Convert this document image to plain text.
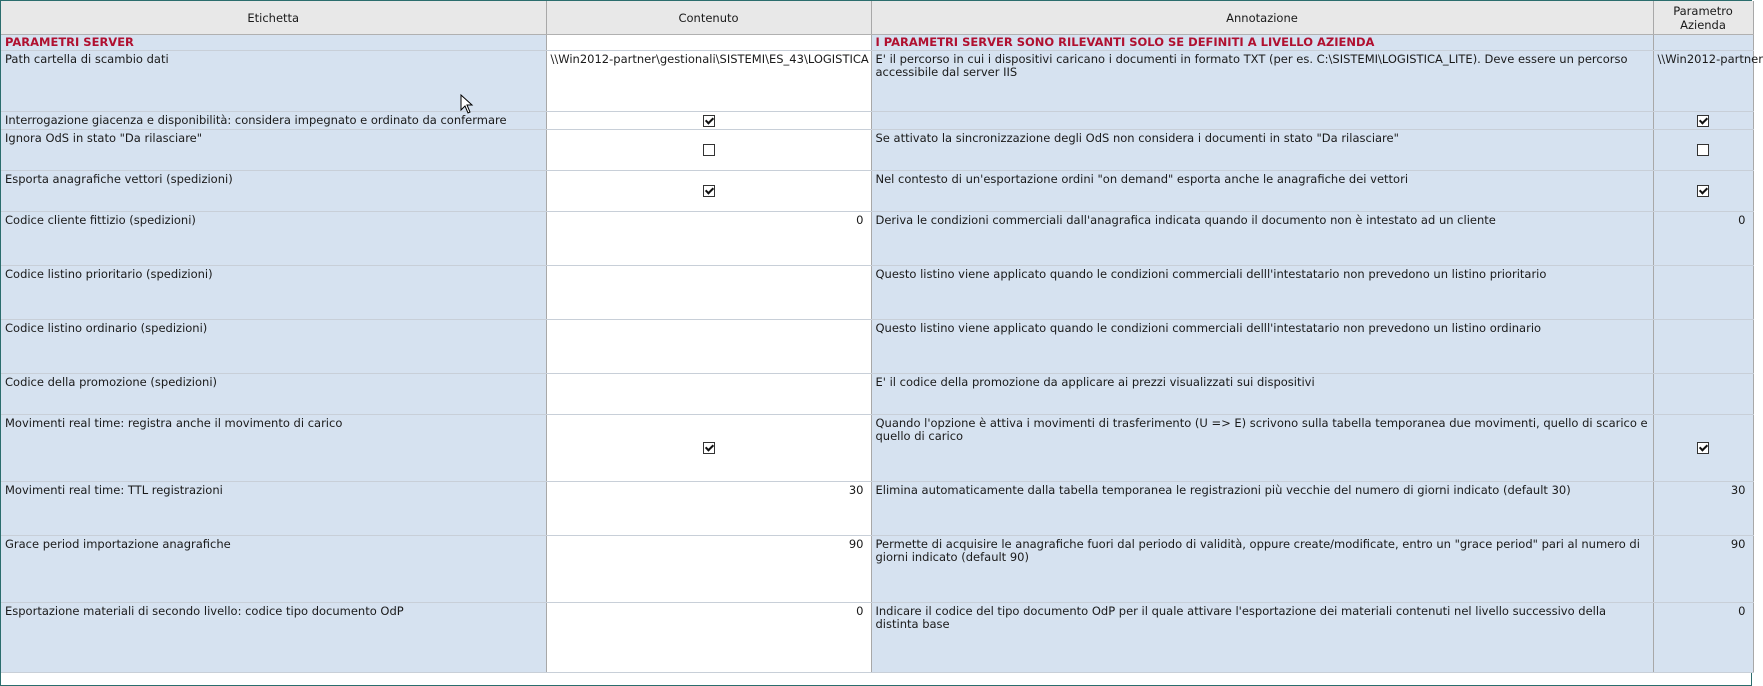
Etichetta	Contenuto	Annotazione	Parametro
Azienda
PARAMETRI SERVER		I PARAMETRI SERVER SONO RILEVANTI SOLO SE DEFINITI A LIVELLO AZIENDA	
Path cartella di scambio dati	\\Win2012-partner\gestionali\SISTEMI\ES_43\LOGISTICA	E' il percorso in cui i dispositivi caricano i documenti in formato TXT (per es. C:\SISTEMI\LOGISTICA_LITE). Deve essere un percorso accessibile dal server IIS	\\Win2012-partner
Interrogazione giacenza e disponibilità: considera impegnato e ordinato da confermare			
Ignora OdS in stato "Da rilasciare"		Se attivato la sincronizzazione degli OdS non considera i documenti in stato "Da rilasciare"	
Esporta anagrafiche vettori (spedizioni)		Nel contesto di un'esportazione ordini "on demand" esporta anche le anagrafiche dei vettori	
Codice cliente fittizio (spedizioni)	0	Deriva le condizioni commerciali dall'anagrafica indicata quando il documento non è intestato ad un cliente	0
Codice listino prioritario (spedizioni)		Questo listino viene applicato quando le condizioni commerciali delll'intestatario non prevedono un listino prioritario	
Codice listino ordinario (spedizioni)		Questo listino viene applicato quando le condizioni commerciali delll'intestatario non prevedono un listino ordinario	
Codice della promozione (spedizioni)		E' il codice della promozione da applicare ai prezzi visualizzati sui dispositivi	
Movimenti real time: registra anche il movimento di carico		Quando l'opzione è attiva i movimenti di trasferimento (U => E) scrivono sulla tabella temporanea due movimenti, quello di scarico e quello di carico	
Movimenti real time: TTL registrazioni	30	Elimina automaticamente dalla tabella temporanea le registrazioni più vecchie del numero di giorni indicato (default 30)	30
Grace period importazione anagrafiche	90	Permette di acquisire le anagrafiche fuori dal periodo di validità, oppure create/modificate, entro un "grace period" pari al numero di giorni indicato (default 90)	90
Esportazione materiali di secondo livello: codice tipo documento OdP	0	Indicare il codice del tipo documento OdP per il quale attivare l'esportazione dei materiali contenuti nel livello successivo della distinta base	0
